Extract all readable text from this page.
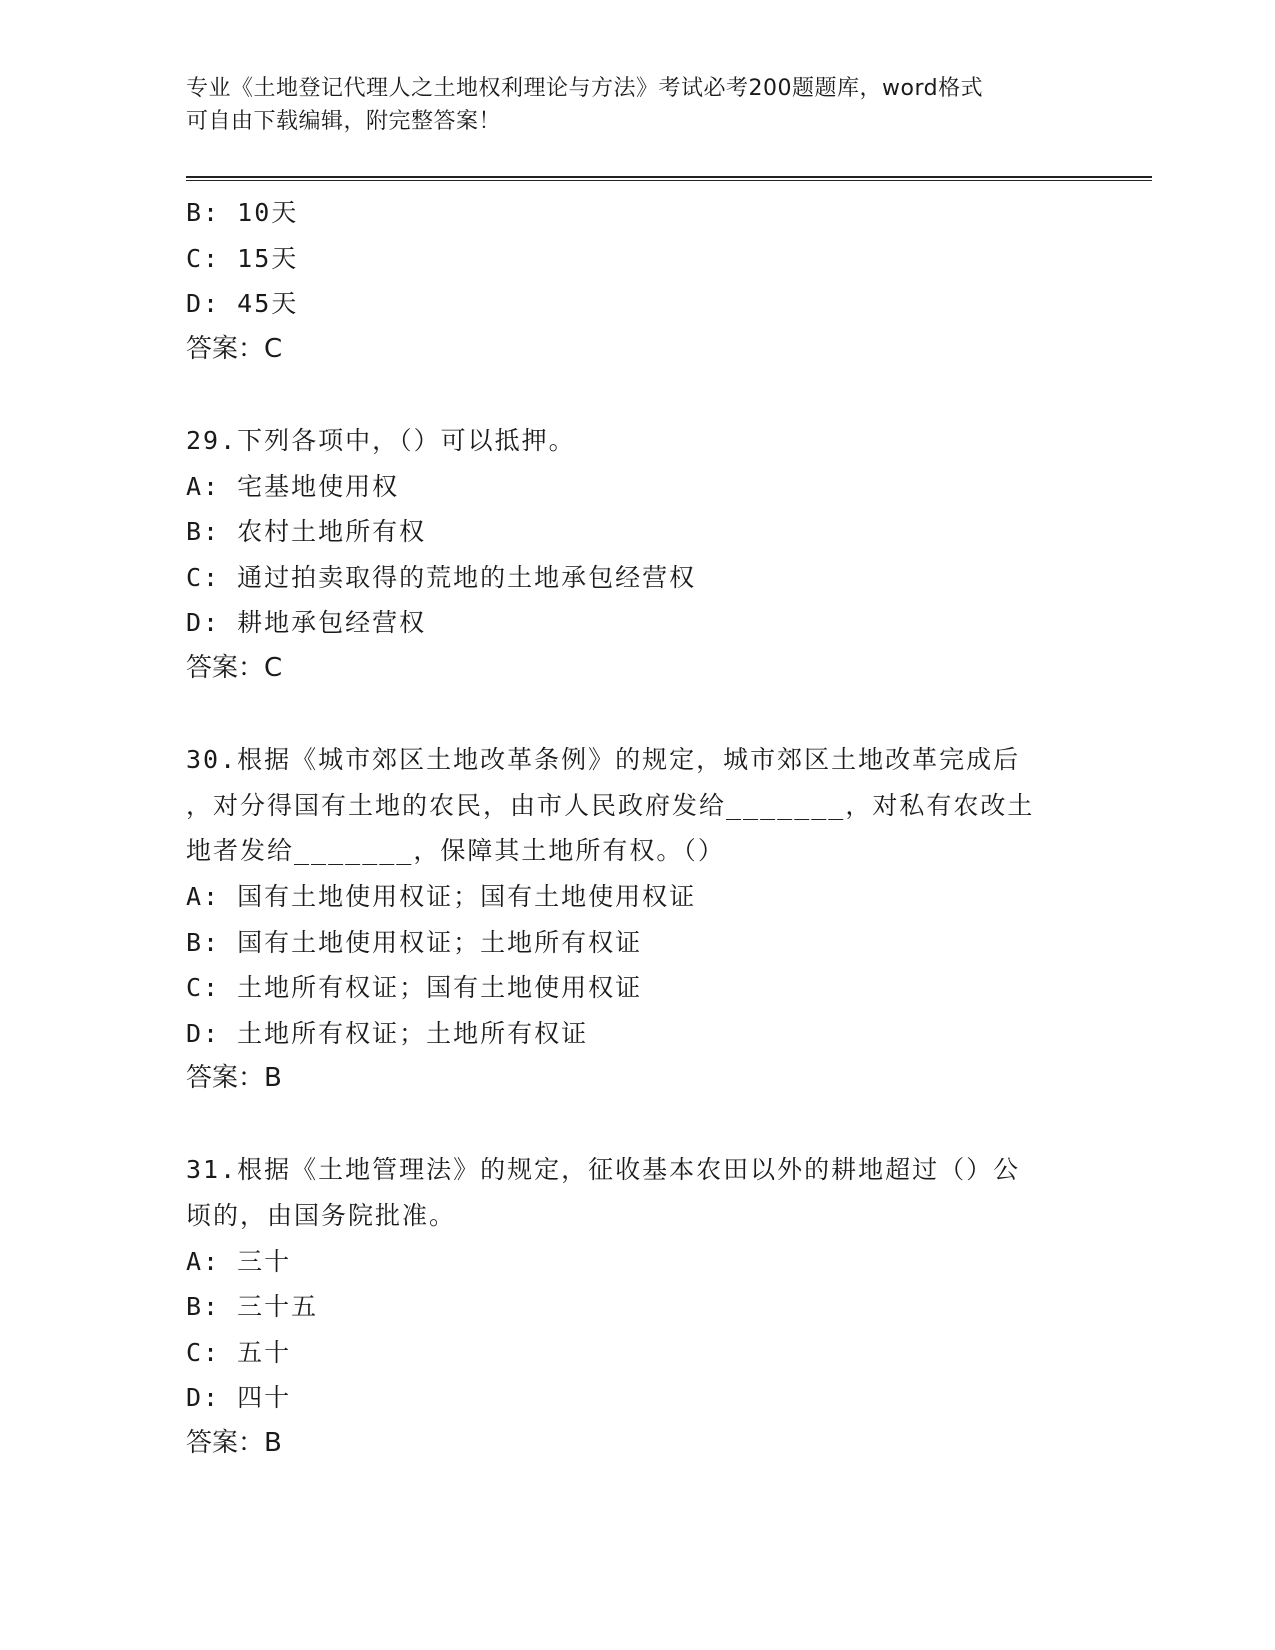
专业《土地登记代理人之土地权利理论与方法》考试必考200题题库，word格式
可自由下载编辑，附完整答案！
B: 10天
C: 15天
D: 45天
答案：C
29.下列各项中，（）可以抵押。
A: 宅基地使用权
B: 农村土地所有权
C: 通过拍卖取得的荒地的土地承包经营权
D: 耕地承包经营权
答案：C
30.根据《城市郊区土地改革条例》的规定，城市郊区土地改革完成后
，对分得国有土地的农民，由市人民政府发给_______，对私有农改土
地者发给_______，保障其土地所有权。（）
A: 国有土地使用权证；国有土地使用权证
B: 国有土地使用权证；土地所有权证
C: 土地所有权证；国有土地使用权证
D: 土地所有权证；土地所有权证
答案：B
31.根据《土地管理法》的规定，征收基本农田以外的耕地超过（）公
顷的，由国务院批准。
A: 三十
B: 三十五
C: 五十
D: 四十
答案：B
